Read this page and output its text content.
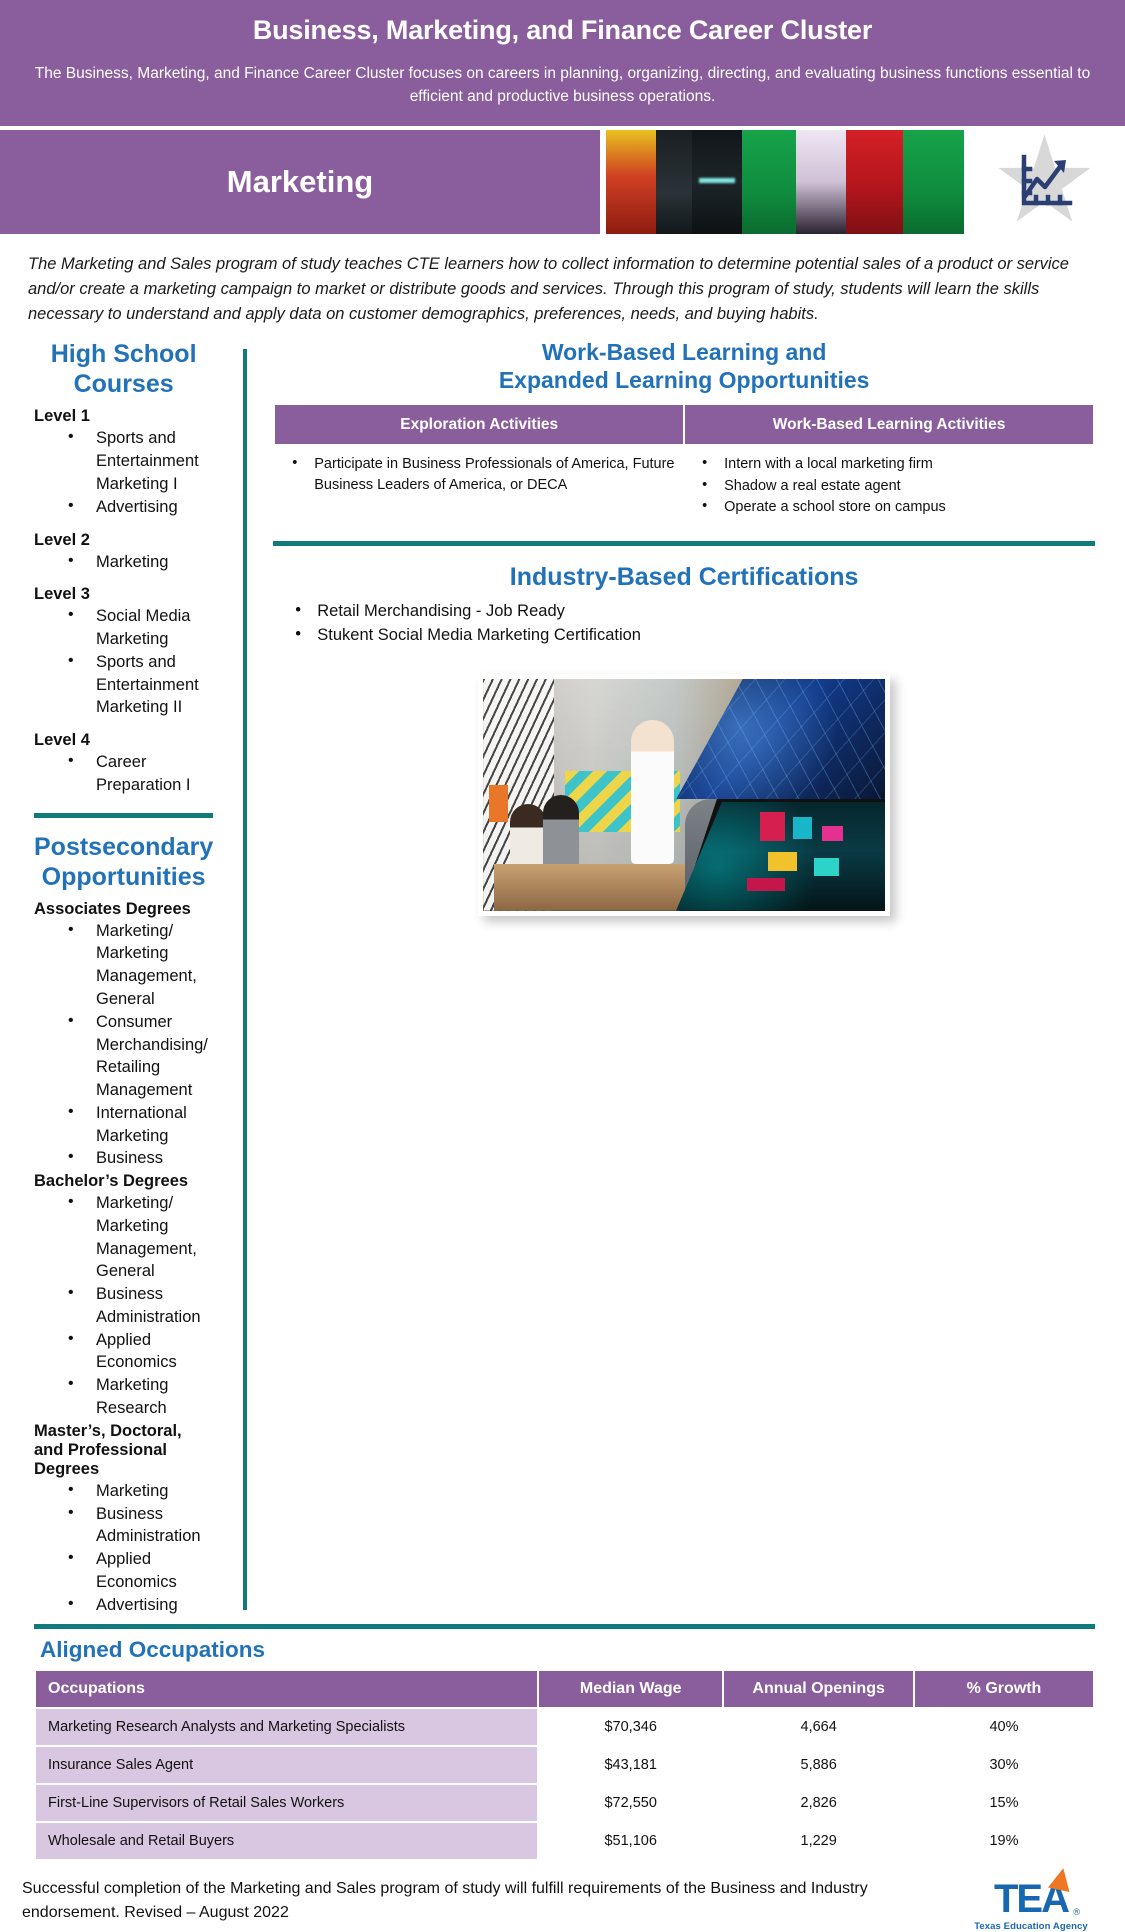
Business, Marketing, and Finance Career Cluster
The Business, Marketing, and Finance Career Cluster focuses on careers in planning, organizing, directing, and evaluating business functions essential to efficient and productive business operations.
Marketing
The Marketing and Sales program of study teaches CTE learners how to collect information to determine potential sales of a product or service and/or create a marketing campaign to market or distribute goods and services. Through this program of study, students will learn the skills necessary to understand and apply data on customer demographics, preferences, needs, and buying habits.
High School Courses
Level 1
• Sports and Entertainment Marketing I
• Advertising
Level 2
• Marketing
Level 3
• Social Media Marketing
• Sports and Entertainment Marketing II
Level 4
• Career Preparation I
Postsecondary Opportunities
Associates Degrees
• Marketing/ Marketing Management, General
• Consumer Merchandising/ Retailing Management
• International Marketing
• Business
Bachelor’s Degrees
• Marketing/ Marketing Management, General
• Business Administration
• Applied Economics
• Marketing Research
Master’s, Doctoral, and Professional Degrees
• Marketing
• Business Administration
• Applied Economics
• Advertising
Work-Based Learning and
Expanded Learning Opportunities
Exploration Activities	Work-Based Learning Activities

• Participate in Business Professionals of America, Future Business Leaders of America, or DECA

• Intern with a local marketing firm
• Shadow a real estate agent
• Operate a school store on campus
Industry-Based Certifications
• Retail Merchandising - Job Ready
• Stukent Social Media Marketing Certification
Aligned Occupations
Occupations	Median Wage	Annual Openings	% Growth
Marketing Research Analysts and Marketing Specialists	$70,346	4,664	40%
Insurance Sales Agent	$43,181	5,886	30%
First-Line Supervisors of Retail Sales Workers	$72,550	2,826	15%
Wholesale and Retail Buyers	$51,106	1,229	19%
Successful completion of the Marketing and Sales program of study will fulfill requirements of the Business and Industry endorsement. Revised – August 2022	TEA ®
Texas Education Agency
